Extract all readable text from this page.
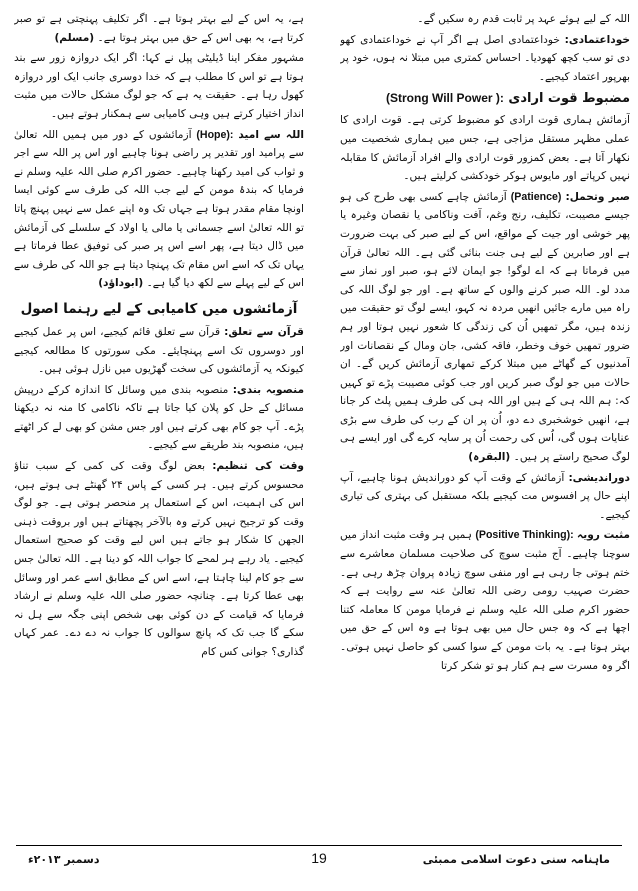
اللہ کے لیے ہوئے عہد پر ثابت قدم رہ سکیں گے۔

خوداعتمادی: خوداعتمادی اصل ہے اگر آپ نے خوداعتمادی کھو دی تو سب کچھ کھودیا۔ احساس کمتری میں مبتلا نہ ہوں، خود پر بھرپور اعتماد کیجیے۔

مضبوط قوت ارادی (Strong Will Power ):

آزمائش ہماری قوت ارادی کو مضبوط کرتی ہے۔ قوت ارادی کا عملی مظہر مستقل مزاجی ہے، جس میں ہماری شخصیت میں نکھار آتا ہے۔ بعض کمزور قوت ارادی والے افراد آزمائش کا مقابلہ نہیں کرپاتے اور مایوس ہوکر خودکشی کرلیتے ہیں۔

صبر وتحمل: (Patience) آزمائش چاہے کسی بھی طرح کی ہو جیسے مصیبت، تکلیف، رنج وغم، آفت وناکامی یا نقصان وغیرہ یا پھر خوشی اور جیت کے مواقع، اس کے لیے صبر کی بہت ضرورت ہے اور صابرین کے لیے ہی جنت بنائی گئی ہے۔ اللہ تعالیٰ قرآن میں فرماتا ہے کہ اے لوگو! جو ایمان لائے ہو، صبر اور نماز سے مدد لو۔ اللہ صبر کرنے والوں کے ساتھ ہے۔ اور جو لوگ اللہ کی راہ میں مارے جائیں انھیں مردہ نہ کہو، ایسے لوگ تو حقیقت میں زندہ ہیں، مگر تمھیں اُن کی زندگی کا شعور نہیں ہوتا اور ہم ضرور تمھیں خوف وخطر، فاقہ کشی، جان ومال کے نقصانات اور آمدنیوں کے گھاٹے میں مبتلا کرکے تمھاری آزمائش کریں گے۔ ان حالات میں جو لوگ صبر کریں اور جب کوئی مصیبت پڑے تو کہیں کہ: ہم اللہ ہی کے ہیں اور اللہ ہی کی طرف ہمیں پلٹ کر جانا ہے، انھیں خوشخبری دے دو، اُن پر ان کے رب کی طرف سے بڑی عنایات ہوں گی، اُس کی رحمت اُن پر سایہ کرے گی اور ایسے ہی لوگ صحیح راستے پر ہیں۔ (البقرہ)

دوراندیشی: آزمائش کے وقت آپ کو دوراندیش ہونا چاہیے، آپ اپنے حال پر افسوس مت کیجیے بلکہ مستقبل کی بہتری کی تیاری کیجیے۔

مثبت رویہ (Positive Thinking): ہمیں ہر وقت مثبت انداز میں سوچنا چاہیے۔ آج مثبت سوچ کی صلاحیت مسلمان معاشرے سے ختم ہوتی جا رہی ہے اور منفی سوچ زیادہ پروان چڑھ رہی ہے۔ حضرت صہیب رومی رضی اللہ تعالیٰ عنہ سے روایت ہے کہ حضور اکرم صلی اللہ علیہ وسلم نے فرمایا مومن کا معاملہ کتنا اچھا ہے کہ وہ جس حال میں بھی ہوتا ہے وہ اس کے حق میں بہتر ہوتا ہے۔ یہ بات مومن کے سوا کسی کو حاصل نہیں ہوتی۔ اگر وہ مسرت سے ہم کنار ہو تو شکر کرتا

ہے، یہ اس کے لیے بہتر ہوتا ہے۔ اگر تکلیف پہنچتی ہے تو صبر کرتا ہے، یہ بھی اس کے حق میں بہتر ہوتا ہے۔ (مسلم)

مشہور مفکر اینا ڈیلیٹی پپل نے کہا: اگر ایک دروازہ زور سے بند ہوتا ہے تو اس کا مطلب ہے کہ خدا دوسری جانب ایک اور دروازہ کھول رہا ہے۔ حقیقت یہ ہے کہ جو لوگ مشکل حالات میں مثبت انداز اختیار کرتے ہیں وہی کامیابی سے ہمکنار ہوتے ہیں۔

اللہ سے امید (Hope): آزمائشوں کے دور میں ہمیں اللہ تعالیٰ سے پرامید اور تقدیر پر راضی ہونا چاہیے اور اس پر اللہ سے اجر و ثواب کی امید رکھنا چاہیے۔ حضور اکرم صلی اللہ علیہ وسلم نے فرمایا کہ بندۂ مومن کے لیے جب اللہ کی طرف سے کوئی ایسا اونچا مقام مقدر ہوتا ہے جہاں تک وہ اپنے عمل سے نہیں پہنچ پاتا تو اللہ تعالیٰ اسے جسمانی یا مالی یا اولاد کے سلسلے کی آزمائش میں ڈال دیتا ہے، پھر اسے اس پر صبر کی توفیق عطا فرماتا ہے یہاں تک کہ اسے اس مقام تک پہنچا دیتا ہے جو اللہ کی طرف سے اس کے لیے پہلے سے لکھ دیا گیا ہے۔ (ابوداؤد)

آزمائشوں میں کامیابی کے لیے رہنما اصول

قرآن سے تعلق: قرآن سے تعلق قائم کیجیے، اس پر عمل کیجیے اور دوسروں تک اسے پہنچایئے۔ مکی سورتوں کا مطالعہ کیجیے کیونکہ یہ آزمائشوں کی سخت گھڑیوں میں نازل ہوئی ہیں۔

منصوبہ بندی: منصوبہ بندی میں وسائل کا اندازہ کرکے درپیش مسائل کے حل کو پلان کیا جاتا ہے تاکہ ناکامی کا منہ نہ دیکھنا پڑے۔ آپ جو کام بھی کرتے ہیں اور جس مشن کو بھی لے کر اٹھتے ہیں، منصوبہ بند طریقے سے کیجیے۔

وقت کی تنظیم: بعض لوگ وقت کی کمی کے سبب تناؤ محسوس کرتے ہیں۔ ہر کسی کے پاس ۲۴ گھنٹے ہی ہوتے ہیں، اس کی اہمیت، اس کے استعمال پر منحصر ہوتی ہے۔ جو لوگ وقت کو ترجیح نہیں کرتے وہ بالآخر پچھتاتے ہیں اور بروقت ذہنی الجھن کا شکار ہو جاتے ہیں اس لیے وقت کو صحیح استعمال کیجیے۔ یاد رہے ہر لمحے کا جواب اللہ کو دینا ہے۔ اللہ تعالیٰ جس سے جو کام لینا چاہتا ہے، اسے اس کے مطابق اسے عمر اور وسائل بھی عطا کرتا ہے۔ چنانچہ حضور صلی اللہ علیہ وسلم نے ارشاد فرمایا کہ قیامت کے دن کوئی بھی شخص اپنی جگہ سے ہل نہ سکے گا جب تک کہ پانچ سوالوں کا جواب نہ دے دے۔ عمر کہاں گذاری؟ جوانی کس کام

ماہنامہ سنی دعوت اسلامی ممبئی
19
دسمبر ۲۰۱۳ء
